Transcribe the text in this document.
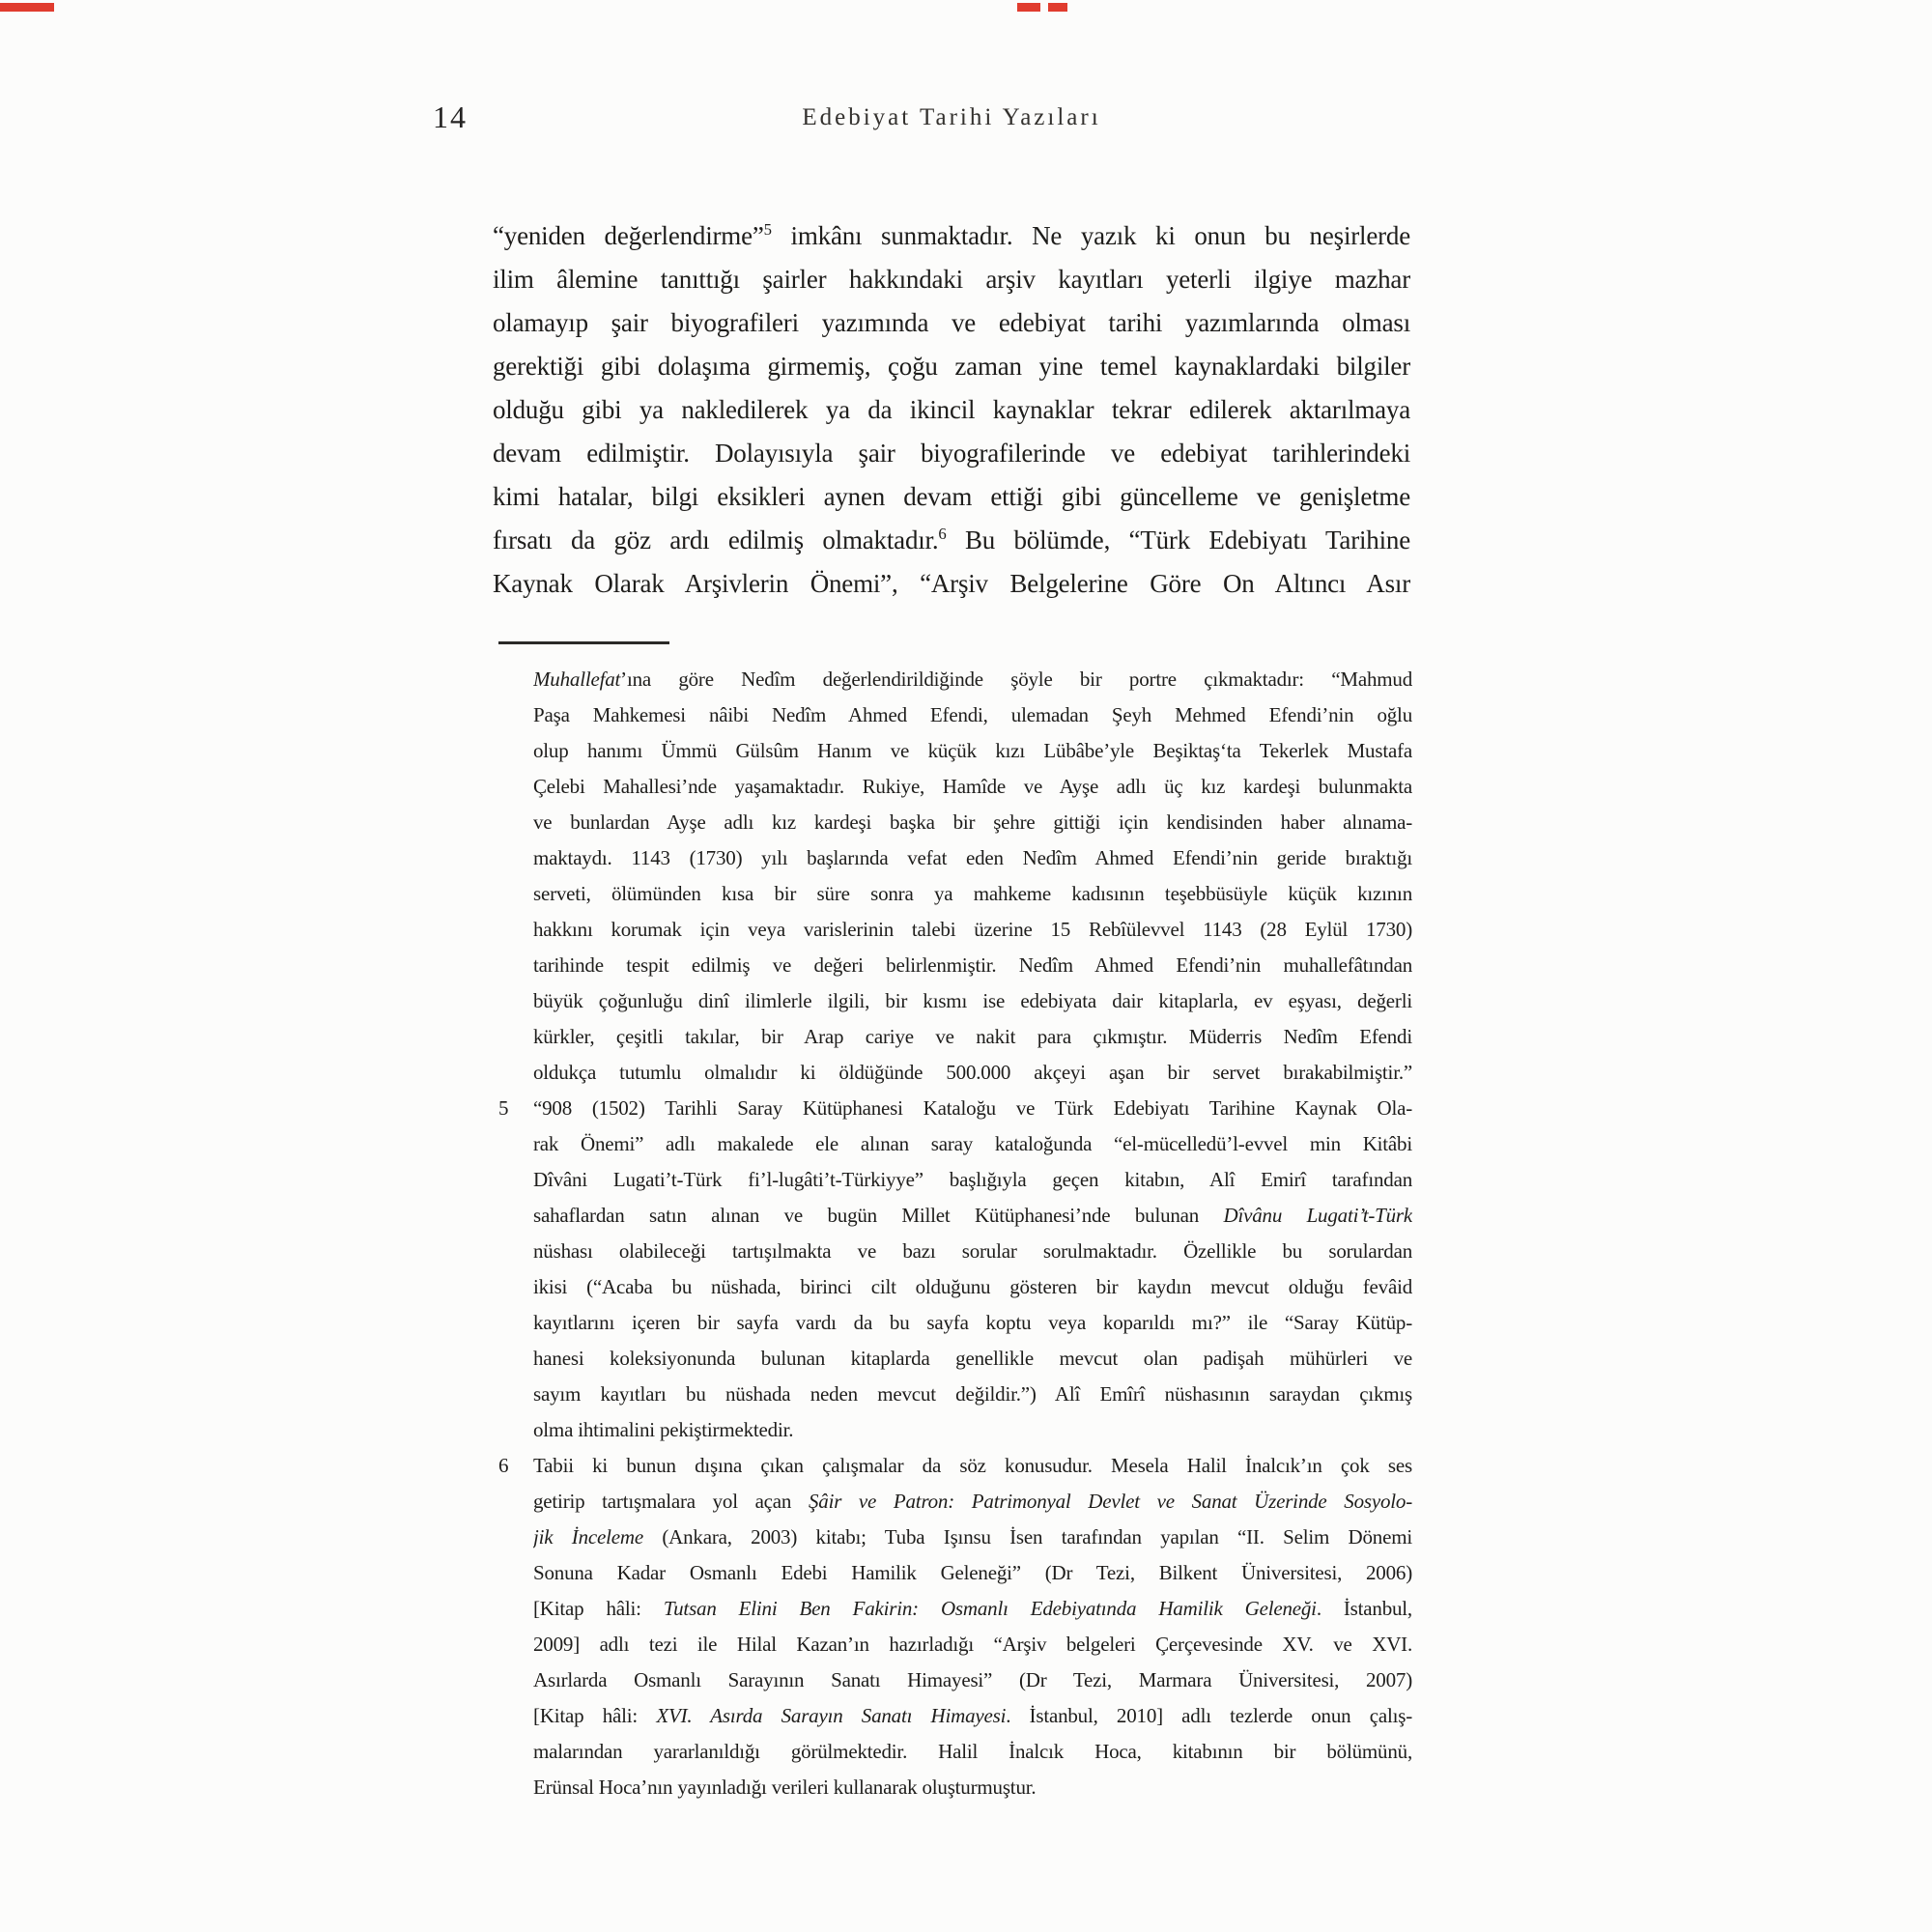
14	Edebiyat Tarihi Yazıları
“yeniden değerlendirme”$^5$ imkânı sunmaktadır. Ne yazık ki onun bu neşirlerde
ilim âlemine tanıttığı şairler hakkındaki arşiv kayıtları yeterli ilgiye mazhar
olamayıp şair biyografileri yazımında ve edebiyat tarihi yazımlarında olması
gerektiği gibi dolaşıma girmemiş, çoğu zaman yine temel kaynaklardaki bilgiler
olduğu gibi ya nakledilerek ya da ikincil kaynaklar tekrar edilerek aktarılmaya
devam edilmiştir. Dolayısıyla şair biyografilerinde ve edebiyat tarihlerindeki
kimi hatalar, bilgi eksikleri aynen devam ettiği gibi güncelleme ve genişletme
fırsatı da göz ardı edilmiş olmaktadır.$^6$ Bu bölümde, “Türk Edebiyatı Tarihine
Kaynak Olarak Arşivlerin Önemi”, “Arşiv Belgelerine Göre On Altıncı Asır
Muhallefat’ına göre Nedîm değerlendirildiğinde şöyle bir portre çıkmaktadır: “Mahmud
Paşa Mahkemesi nâibi Nedîm Ahmed Efendi, ulemadan Şeyh Mehmed Efendi’nin oğlu
olup hanımı Ümmü Gülsûm Hanım ve küçük kızı Lübâbe’yle Beşiktaş‘ta Tekerlek Mustafa
Çelebi Mahallesi’nde yaşamaktadır. Rukiye, Hamîde ve Ayşe adlı üç kız kardeşi bulunmakta
ve bunlardan Ayşe adlı kız kardeşi başka bir şehre gittiği için kendisinden haber alınama-
maktaydı. 1143 (1730) yılı başlarında vefat eden Nedîm Ahmed Efendi’nin geride bıraktığı
serveti, ölümünden kısa bir süre sonra ya mahkeme kadısının teşebbüsüyle küçük kızının
hakkını korumak için veya varislerinin talebi üzerine 15 Rebîülevvel 1143 (28 Eylül 1730)
tarihinde tespit edilmiş ve değeri belirlenmiştir. Nedîm Ahmed Efendi’nin muhallefâtından
büyük çoğunluğu dinî ilimlerle ilgili, bir kısmı ise edebiyata dair kitaplarla, ev eşyası, değerli
kürkler, çeşitli takılar, bir Arap cariye ve nakit para çıkmıştır. Müderris Nedîm Efendi
oldukça tutumlu olmalıdır ki öldüğünde 500.000 akçeyi aşan bir servet bırakabilmiştir.”
5 “908 (1502) Tarihli Saray Kütüphanesi Kataloğu ve Türk Edebiyatı Tarihine Kaynak Ola-
rak Önemi” adlı makalede ele alınan saray kataloğunda “el-mücelledü’l-evvel min Kitâbi
Dîvâni Lugati’t-Türk fi’l-lugâti’t-Türkiyye” başlığıyla geçen kitabın, Alî Emirî tarafından
sahaflardan satın alınan ve bugün Millet Kütüphanesi’nde bulunan Dîvânu Lugati’t-Türk
nüshası olabileceği tartışılmakta ve bazı sorular sorulmaktadır. Özellikle bu sorulardan
ikisi (“Acaba bu nüshada, birinci cilt olduğunu gösteren bir kaydın mevcut olduğu fevâid
kayıtlarını içeren bir sayfa vardı da bu sayfa koptu veya koparıldı mı?” ile “Saray Kütüp-
hanesi koleksiyonunda bulunan kitaplarda genellikle mevcut olan padişah mühürleri ve
sayım kayıtları bu nüshada neden mevcut değildir.”) Alî Emîrî nüshasının saraydan çıkmış
olma ihtimalini pekiştirmektedir.
6 Tabii ki bunun dışına çıkan çalışmalar da söz konusudur. Mesela Halil İnalcık’ın çok ses
getirip tartışmalara yol açan Şâir ve Patron: Patrimonyal Devlet ve Sanat Üzerinde Sosyolo-
jik İnceleme (Ankara, 2003) kitabı; Tuba Işınsu İsen tarafından yapılan “II. Selim Dönemi
Sonuna Kadar Osmanlı Edebi Hamilik Geleneği” (Dr Tezi, Bilkent Üniversitesi, 2006)
[Kitap hâli: Tutsan Elini Ben Fakirin: Osmanlı Edebiyatında Hamilik Geleneği. İstanbul,
2009] adlı tezi ile Hilal Kazan’ın hazırladığı “Arşiv belgeleri Çerçevesinde XV. ve XVI.
Asırlarda Osmanlı Sarayının Sanatı Himayesi” (Dr Tezi, Marmara Üniversitesi, 2007)
[Kitap hâli: XVI. Asırda Sarayın Sanatı Himayesi. İstanbul, 2010] adlı tezlerde onun çalış-
malarından yararlanıldığı görülmektedir. Halil İnalcık Hoca, kitabının bir bölümünü,
Erünsal Hoca’nın yayınladığı verileri kullanarak oluşturmuştur.
